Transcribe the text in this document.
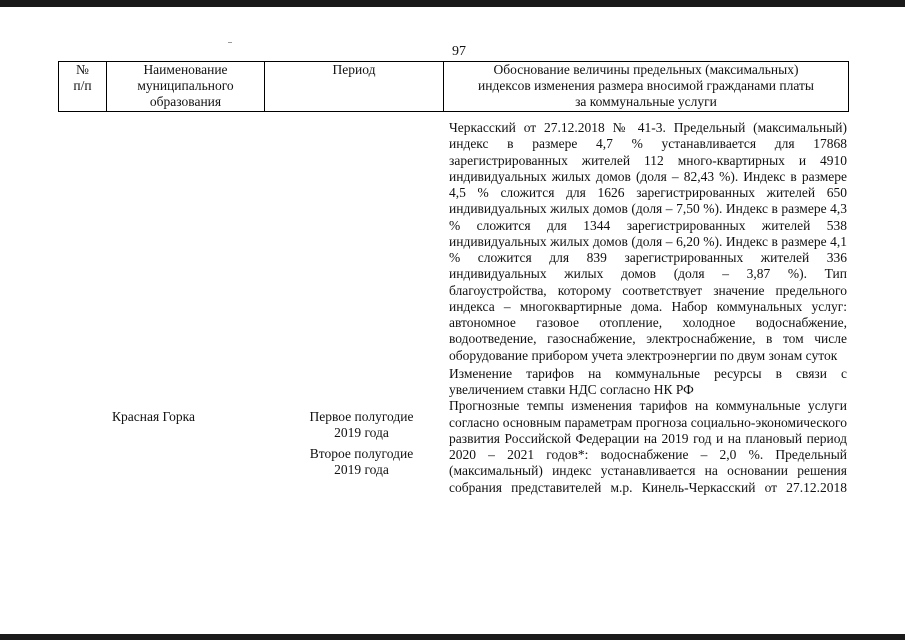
97
№
п/п
Наименование
муниципального
образования
Период	Обоснование величины предельных (максимальных)
индексов изменения размера вносимой гражданами платы
за коммунальные услуги
Красная Горка	Первое полугодие
2019 года
Второе полугодие
2019 года

Черкасский от 27.12.2018 № 41-3. Предельный (максимальный) индекс в размере 4,7 % устанавливается для 17868 зарегистрированных жителей 112 много-квартирных и 4910 индивидуальных жилых домов (доля – 82,43 %). Индекс в размере 4,5 % сложится для 1626 зарегистрированных жителей 650 индивидуальных жилых домов (доля – 7,50 %). Индекс в размере 4,3 % сложится для 1344 зарегистрированных жителей 538 индивидуальных жилых домов (доля – 6,20 %). Индекс в размере 4,1 % сложится для 839 зарегистрированных жителей 336 индивидуальных жилых домов (доля – 3,87 %). Тип благоустройства, которому соответствует значение предельного индекса – многоквартирные дома. Набор коммунальных услуг: автономное газовое отопление, холодное водоснабжение, водоотведение, газоснабжение, электроснабжение, в том числе оборудование прибором учета электроэнергии по двум зонам суток

Изменение тарифов на коммунальные ресурсы в связи с увеличением ставки НДС согласно НК РФ

Прогнозные темпы изменения тарифов на коммунальные услуги согласно основным параметрам прогноза социально-экономического развития Российской Федерации на 2019 год и на плановый период 2020 – 2021 годов*: водоснабжение – 2,0 %. Предельный (максимальный) индекс устанавливается на основании решения собрания представителей м.р. Кинель-Черкасский от 27.12.2018
